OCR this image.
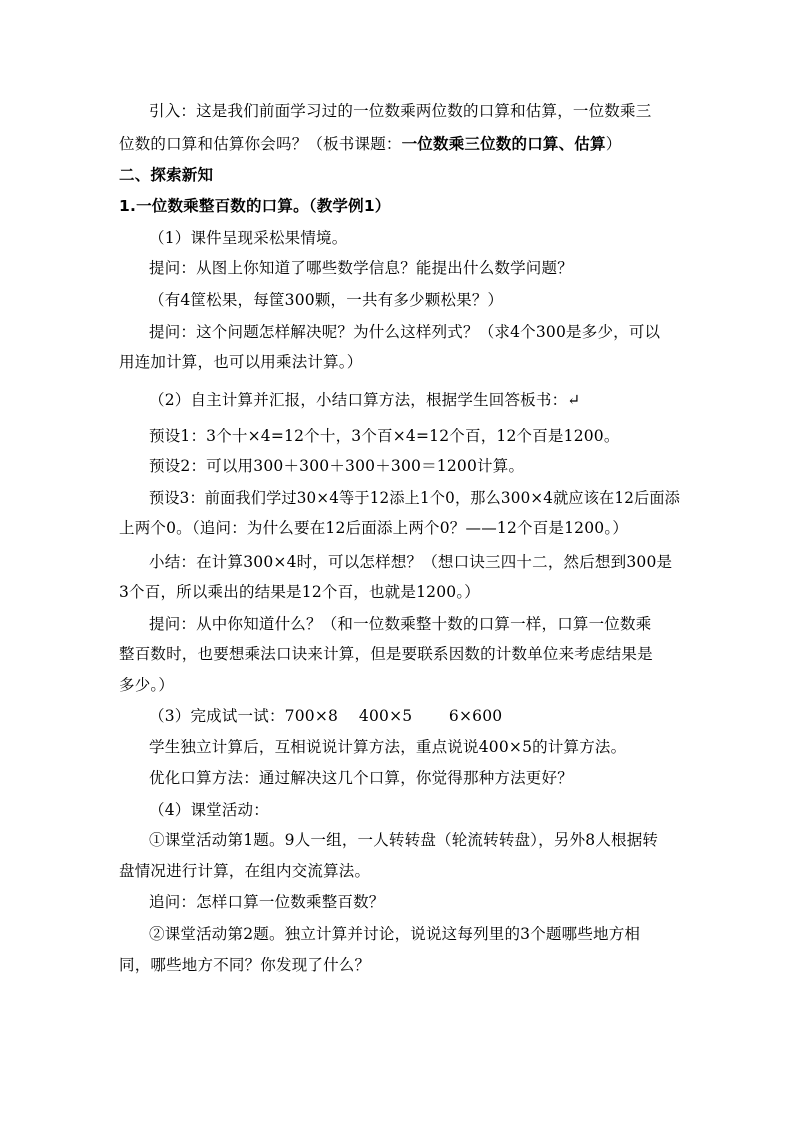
引入：这是我们前面学习过的一位数乘两位数的口算和估算，一位数乘三
位数的口算和估算你会吗？（板书课题：一位数乘三位数的口算、估算）
二、探索新知
1.一位数乘整百数的口算。（教学例1）
（1）课件呈现采松果情境。
提问：从图上你知道了哪些数学信息？能提出什么数学问题？
（有4筐松果，每筐300颗，一共有多少颗松果？）
提问：这个问题怎样解决呢？为什么这样列式？（求4个300是多少，可以
用连加计算，也可以用乘法计算。）
（2）自主计算并汇报，小结口算方法，根据学生回答板书：↵
预设1：3个十×4=12个十，3个百×4=12个百，12个百是1200。
预设2：可以用300＋300＋300＋300＝1200计算。
预设3：前面我们学过30×4等于12添上1个0，那么300×4就应该在12后面添
上两个0。（追问：为什么要在12后面添上两个0？——12个百是1200。）
小结：在计算300×4时，可以怎样想？（想口诀三四十二，然后想到300是
3个百，所以乘出的结果是12个百，也就是1200。）
提问：从中你知道什么？（和一位数乘整十数的口算一样，口算一位数乘
整百数时，也要想乘法口诀来计算，但是要联系因数的计数单位来考虑结果是
多少。）
（3）完成试一试：700×8　 400×5　　 6×600
学生独立计算后，互相说说计算方法，重点说说400×5的计算方法。
优化口算方法：通过解决这几个口算，你觉得那种方法更好？
（4）课堂活动：
①课堂活动第1题。9人一组，一人转转盘（轮流转转盘），另外8人根据转
盘情况进行计算，在组内交流算法。
追问：怎样口算一位数乘整百数？
②课堂活动第2题。独立计算并讨论，说说这每列里的3个题哪些地方相
同，哪些地方不同？你发现了什么？
